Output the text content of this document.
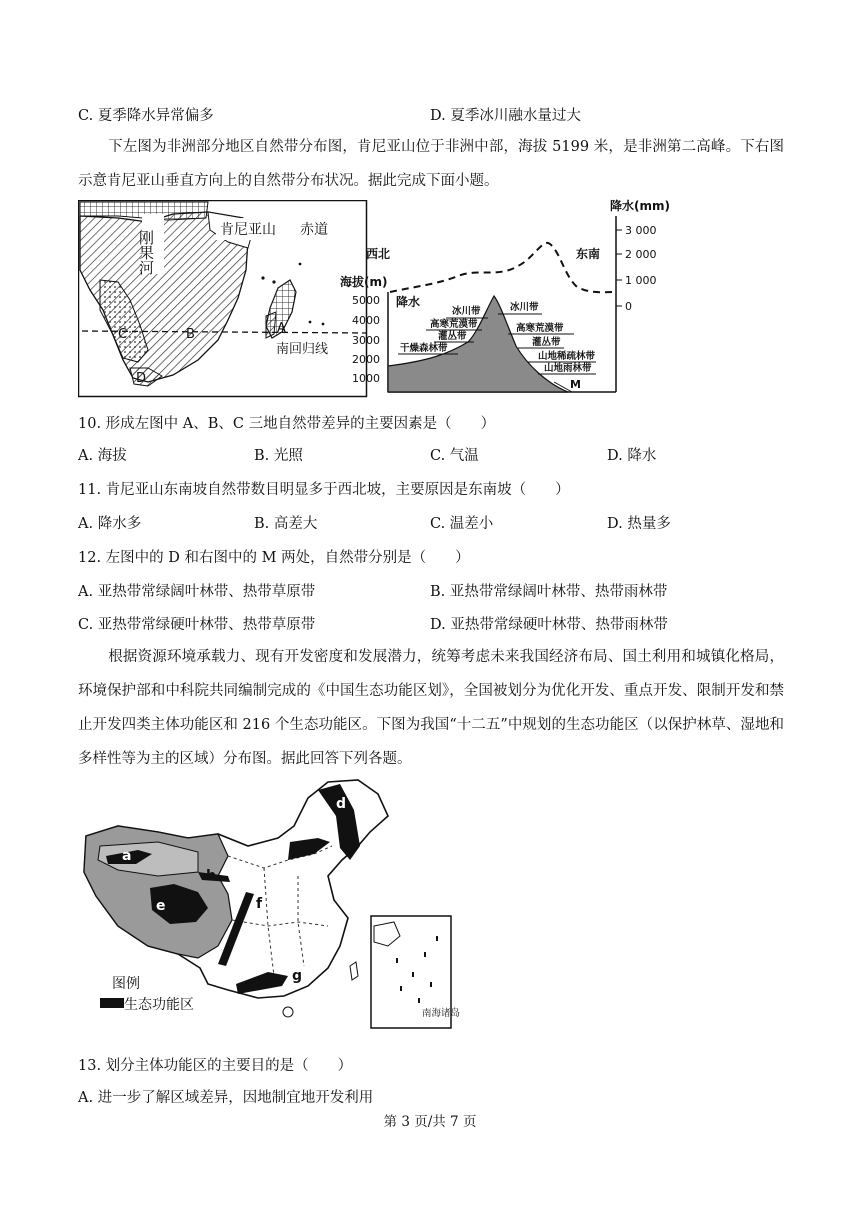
C. 夏季降水异常偏多	D. 夏季冰川融水量过大
下左图为非洲部分地区自然带分布图，肯尼亚山位于非洲中部，海拔 5199 米，是非洲第二高峰。下右图示意肯尼亚山垂直方向上的自然带分布状况。据此完成下面小题。
刚果河	肯尼亚山 赤道
C	B	A
D
南回归线
降水(mm)
3 000
2 000
1 000
0
西北	东南
海拔(m)
5000
4000
3000
2000
1000
降水
冰川带
高寒荒漠带
灌丛带
干燥森林带
冰川带
高寒荒漠带
灌丛带
山地稀疏林带
山地雨林带
M
10. 形成左图中 A、B、C 三地自然带差异的主要因素是（　　）
A. 海拔	B. 光照	C. 气温	D. 降水
11. 肯尼亚山东南坡自然带数目明显多于西北坡，主要原因是东南坡（　　）
A. 降水多	B. 高差大	C. 温差小	D. 热量多
12. 左图中的 D 和右图中的 M 两处，自然带分别是（　　）
A. 亚热带常绿阔叶林带、热带草原带	B. 亚热带常绿阔叶林带、热带雨林带
C. 亚热带常绿硬叶林带、热带草原带	D. 亚热带常绿硬叶林带、热带雨林带
根据资源环境承载力、现有开发密度和发展潜力，统筹考虑未来我国经济布局、国土利用和城镇化格局，环境保护部和中科院共同编制完成的《中国生态功能区划》，全国被划分为优化开发、重点开发、限制开发和禁止开发四类主体功能区和 216 个生态功能区。下图为我国“十二五”中规划的生态功能区（以保护林草、湿地和多样性等为主的区域）分布图。据此回答下列各题。
d
c
a
b
e	f
g
图例
生态功能区
南海诸岛
13. 划分主体功能区的主要目的是（　　）
A. 进一步了解区域差异，因地制宜地开发利用
第 3 页/共 7 页
